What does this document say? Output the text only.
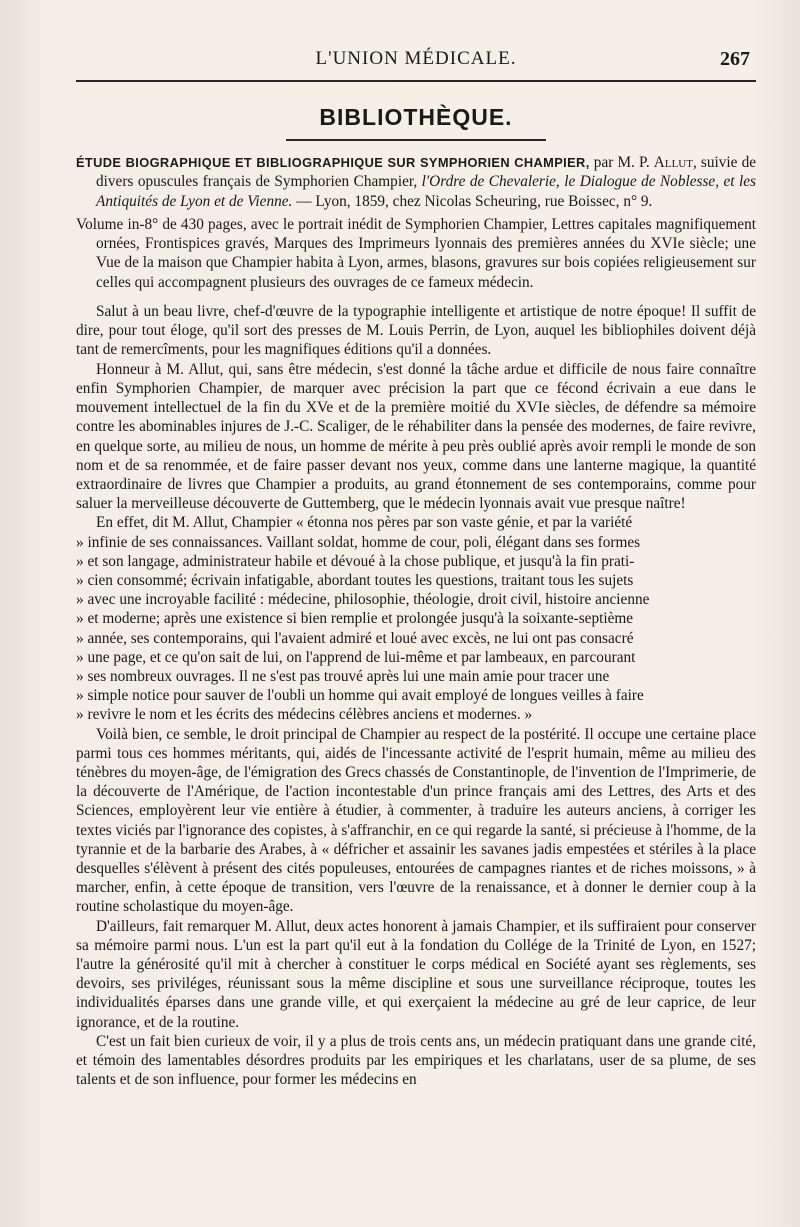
L'UNION MÉDICALE.	267
BIBLIOTHÈQUE.

ÉTUDE BIOGRAPHIQUE ET BIBLIOGRAPHIQUE SUR SYMPHORIEN CHAMPIER, par M. P. Allut, suivie de divers opuscules français de Symphorien Champier, l'Ordre de Chevalerie, le Dialogue de Noblesse, et les Antiquités de Lyon et de Vienne. — Lyon, 1859, chez Nicolas Scheuring, rue Boissec, n° 9.

Volume in-8° de 430 pages, avec le portrait inédit de Symphorien Champier, Lettres capitales magnifiquement ornées, Frontispices gravés, Marques des Imprimeurs lyonnais des premières années du XVIe siècle; une Vue de la maison que Champier habita à Lyon, armes, blasons, gravures sur bois copiées religieusement sur celles qui accompagnent plusieurs des ouvrages de ce fameux médecin.

Salut à un beau livre, chef-d'œuvre de la typographie intelligente et artistique de notre époque! Il suffit de dire, pour tout éloge, qu'il sort des presses de M. Louis Perrin, de Lyon, auquel les bibliophiles doivent déjà tant de remercîments, pour les magnifiques éditions qu'il a données.

Honneur à M. Allut, qui, sans être médecin, s'est donné la tâche ardue et difficile de nous faire connaître enfin Symphorien Champier, de marquer avec précision la part que ce fécond écrivain a eue dans le mouvement intellectuel de la fin du XVe et de la première moitié du XVIe siècles, de défendre sa mémoire contre les abominables injures de J.-C. Scaliger, de le réhabiliter dans la pensée des modernes, de faire revivre, en quelque sorte, au milieu de nous, un homme de mérite à peu près oublié après avoir rempli le monde de son nom et de sa renommée, et de faire passer devant nos yeux, comme dans une lanterne magique, la quantité extraordinaire de livres que Champier a produits, au grand étonnement de ses contemporains, comme pour saluer la merveilleuse découverte de Guttemberg, que le médecin lyonnais avait vue presque naître!

En effet, dit M. Allut, Champier « étonna nos pères par son vaste génie, et par la variété
» infinie de ses connaissances. Vaillant soldat, homme de cour, poli, élégant dans ses formes
» et son langage, administrateur habile et dévoué à la chose publique, et jusqu'à la fin prati-
» cien consommé; écrivain infatigable, abordant toutes les questions, traitant tous les sujets
» avec une incroyable facilité : médecine, philosophie, théologie, droit civil, histoire ancienne
» et moderne; après une existence si bien remplie et prolongée jusqu'à la soixante-septième
» année, ses contemporains, qui l'avaient admiré et loué avec excès, ne lui ont pas consacré
» une page, et ce qu'on sait de lui, on l'apprend de lui-même et par lambeaux, en parcourant
» ses nombreux ouvrages. Il ne s'est pas trouvé après lui une main amie pour tracer une
» simple notice pour sauver de l'oubli un homme qui avait employé de longues veilles à faire
» revivre le nom et les écrits des médecins célèbres anciens et modernes. »

Voilà bien, ce semble, le droit principal de Champier au respect de la postérité. Il occupe une certaine place parmi tous ces hommes méritants, qui, aidés de l'incessante activité de l'esprit humain, même au milieu des ténèbres du moyen-âge, de l'émigration des Grecs chassés de Constantinople, de l'invention de l'Imprimerie, de la découverte de l'Amérique, de l'action incontestable d'un prince français ami des Lettres, des Arts et des Sciences, employèrent leur vie entière à étudier, à commenter, à traduire les auteurs anciens, à corriger les textes viciés par l'ignorance des copistes, à s'affranchir, en ce qui regarde la santé, si précieuse à l'homme, de la tyrannie et de la barbarie des Arabes, à « défricher et assainir les savanes jadis empestées et stériles à la place desquelles s'élèvent à présent des cités populeuses, entourées de campagnes riantes et de riches moissons, » à marcher, enfin, à cette époque de transition, vers l'œuvre de la renaissance, et à donner le dernier coup à la routine scholastique du moyen-âge.

D'ailleurs, fait remarquer M. Allut, deux actes honorent à jamais Champier, et ils suffiraient pour conserver sa mémoire parmi nous. L'un est la part qu'il eut à la fondation du Collége de la Trinité de Lyon, en 1527; l'autre la générosité qu'il mit à chercher à constituer le corps médical en Société ayant ses règlements, ses devoirs, ses priviléges, réunissant sous la même discipline et sous une surveillance réciproque, toutes les individualités éparses dans une grande ville, et qui exerçaient la médecine au gré de leur caprice, de leur ignorance, et de la routine.

C'est un fait bien curieux de voir, il y a plus de trois cents ans, un médecin pratiquant dans une grande cité, et témoin des lamentables désordres produits par les empiriques et les charlatans, user de sa plume, de ses talents et de son influence, pour former les médecins en
